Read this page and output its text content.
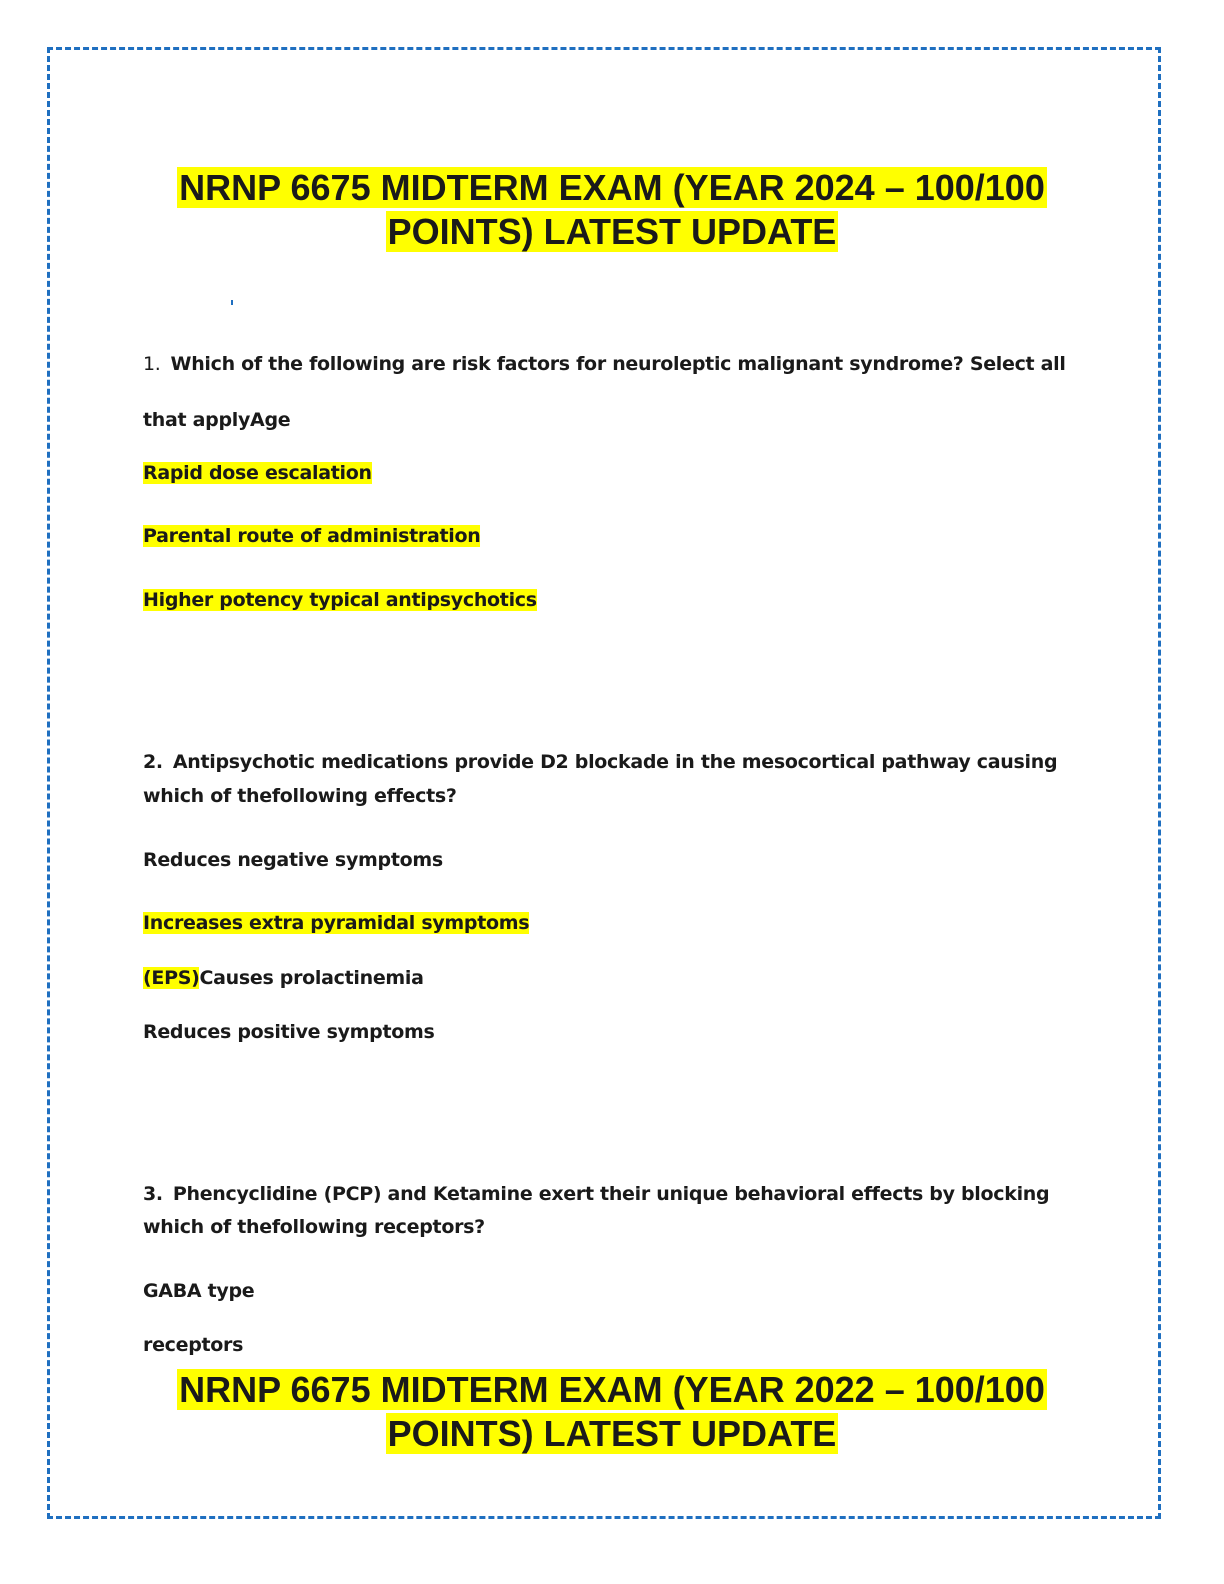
NRNP 6675 MIDTERM EXAM (YEAR 2024 – 100/100
POINTS) LATEST UPDATE
1. Which of the following are risk factors for neuroleptic malignant syndrome? Select all
that applyAge
Rapid dose escalation
Parental route of administration
Higher potency typical antipsychotics
2. Antipsychotic medications provide D2 blockade in the mesocortical pathway causing
which of thefollowing effects?
Reduces negative symptoms
Increases extra pyramidal symptoms
(EPS)Causes prolactinemia
Reduces positive symptoms
3. Phencyclidine (PCP) and Ketamine exert their unique behavioral effects by blocking
which of thefollowing receptors?
GABA type
receptors
NRNP 6675 MIDTERM EXAM (YEAR 2022 – 100/100
POINTS) LATEST UPDATE
